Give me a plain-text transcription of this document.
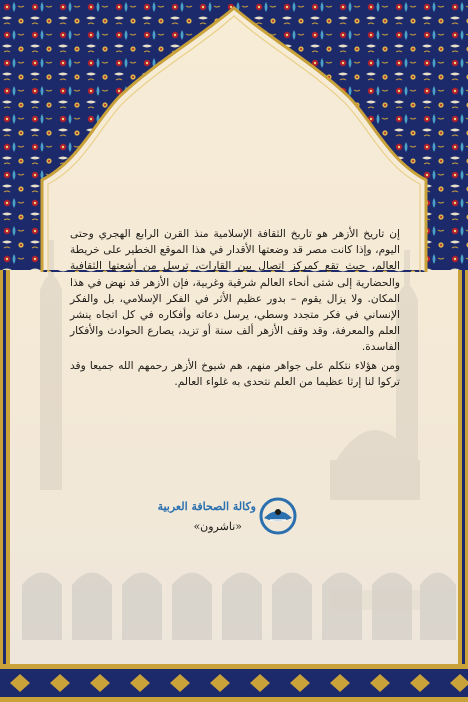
إن تاريخ الأزهر هو تاريخ الثقافة الإسلامية منذ القرن الرابع الهجري وحتى اليوم، وإذا كانت مصر قد وضعتها الأقدار في هذا الموقع الخطير على خريطة العالم، حيث تقع كمركز اتصال بين القارات، ترسل من أشعتها الثقافية والحضارية إلى شتى أنحاء العالم شرقية وغربية، فإن الأزهر قد نهض في هذا المكان. ولا يزال يقوم – بدور عظيم الأثر في الفكر الإسلامي، بل والفكر الإنساني في فكر متجدد وسطي، يرسل دعاته وأفكاره في كل اتجاه ينشر العلم والمعرفة، وقد وقف الأزهر ألف سنة أو تزيد، يصارع الحوادث والأفكار الفاسدة.

ومن هؤلاء نتكلم على جواهر منهم، هم شيوخ الأزهر رحمهم الله جميعا وقد تركوا لنا إرثا عظيما من العلم نتحدى به غلواء العالم.

وكالة الصحافة العربية
«ناشرون»
